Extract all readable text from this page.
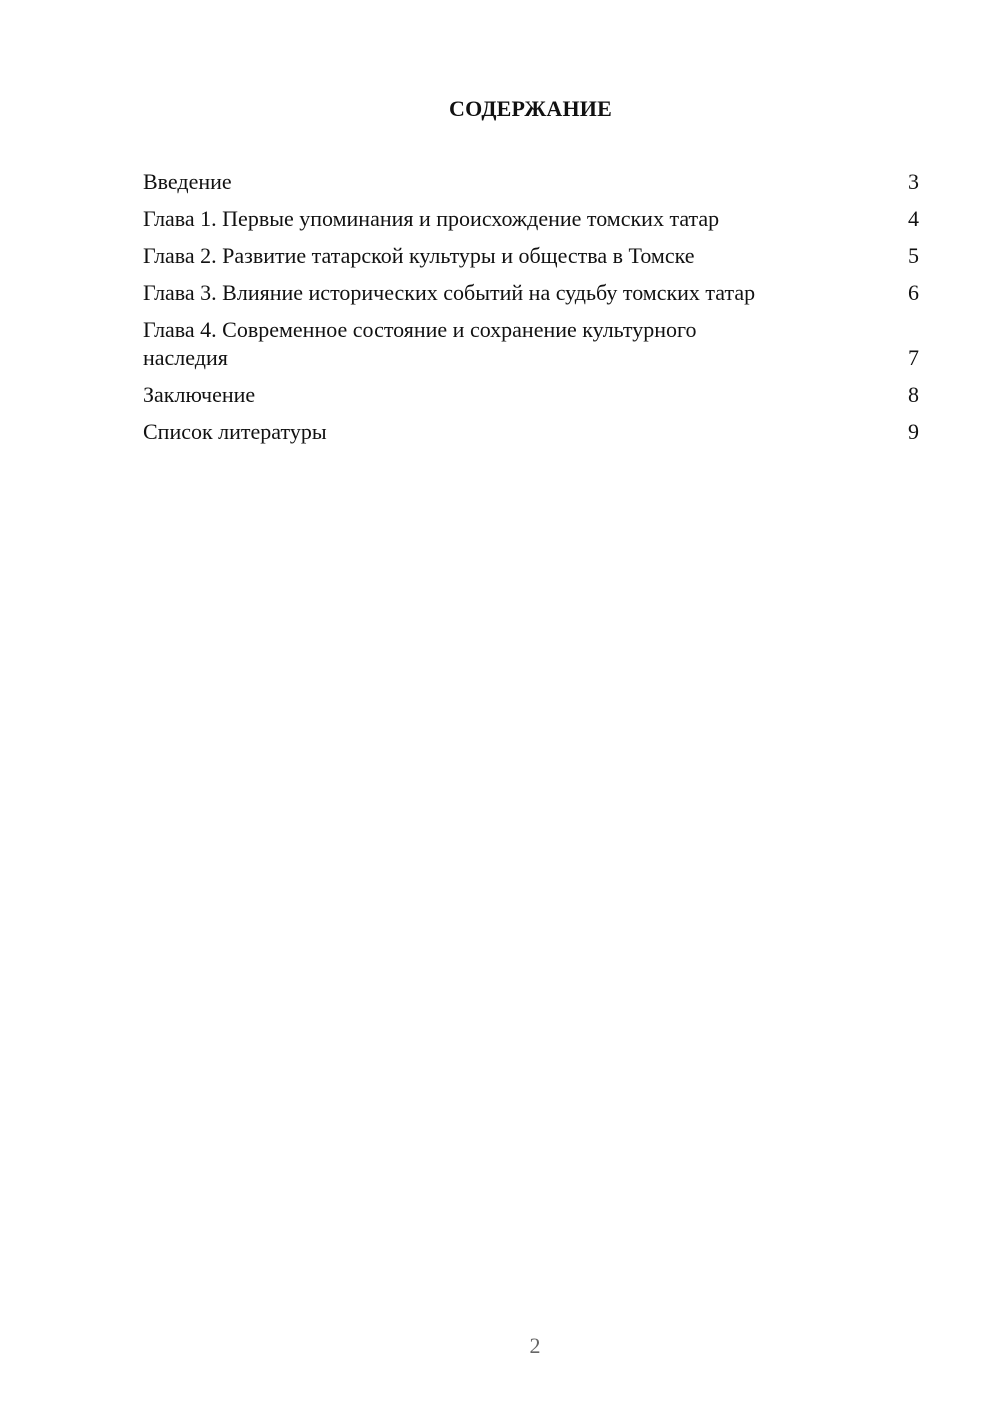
СОДЕРЖАНИЕ
Введение	3
Глава 1. Первые упоминания и происхождение томских татар	4
Глава 2. Развитие татарской культуры и общества в Томске	5
Глава 3. Влияние исторических событий на судьбу томских татар	6
Глава 4. Современное состояние и сохранение культурного наследия	7
Заключение	8
Список литературы	9
2
